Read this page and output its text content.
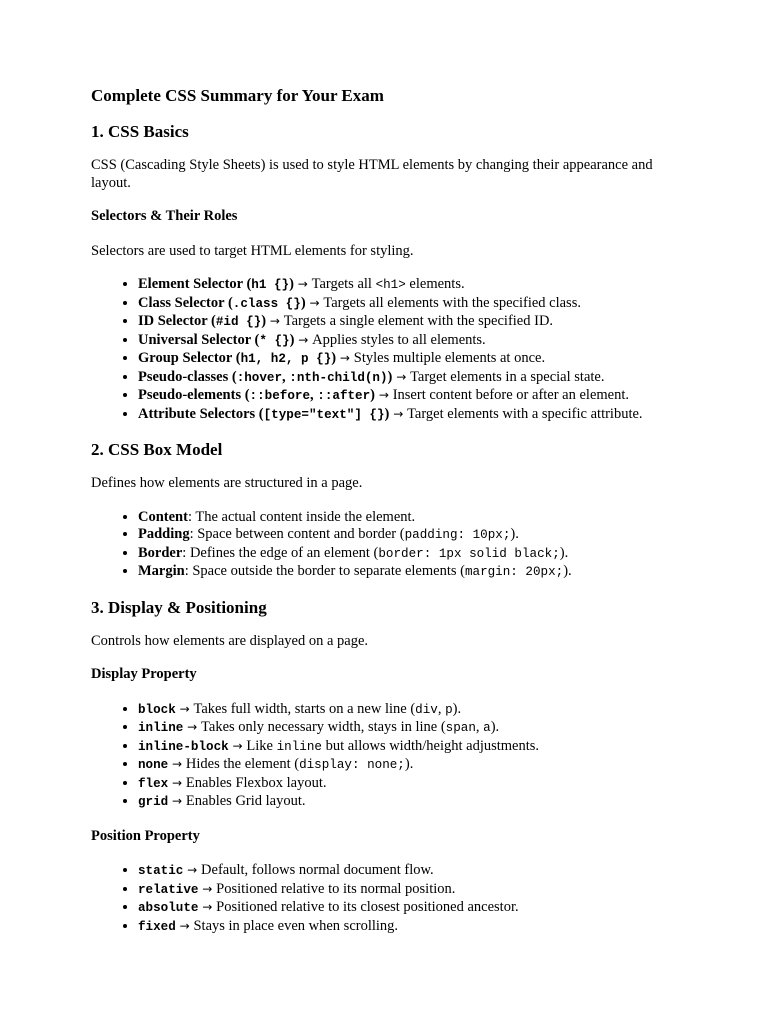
Complete CSS Summary for Your Exam
1. CSS Basics

CSS (Cascading Style Sheets) is used to style HTML elements by changing their appearance and layout.

Selectors & Their Roles

Selectors are used to target HTML elements for styling.

• Element Selector (h1 {}) → Targets all <h1> elements.
• Class Selector (.class {}) → Targets all elements with the specified class.
• ID Selector (#id {}) → Targets a single element with the specified ID.
• Universal Selector (* {}) → Applies styles to all elements.
• Group Selector (h1, h2, p {}) → Styles multiple elements at once.
• Pseudo-classes (:hover, :nth-child(n)) → Target elements in a special state.
• Pseudo-elements (::before, ::after) → Insert content before or after an element.
• Attribute Selectors ([type="text"] {}) → Target elements with a specific attribute.
2. CSS Box Model

Defines how elements are structured in a page.

• Content: The actual content inside the element.
• Padding: Space between content and border (padding: 10px;).
• Border: Defines the edge of an element (border: 1px solid black;).
• Margin: Space outside the border to separate elements (margin: 20px;).
3. Display & Positioning

Controls how elements are displayed on a page.

Display Property
• block → Takes full width, starts on a new line (div, p).
• inline → Takes only necessary width, stays in line (span, a).
• inline-block → Like inline but allows width/height adjustments.
• none → Hides the element (display: none;).
• flex → Enables Flexbox layout.
• grid → Enables Grid layout.
Position Property
• static → Default, follows normal document flow.
• relative → Positioned relative to its normal position.
• absolute → Positioned relative to its closest positioned ancestor.
• fixed → Stays in place even when scrolling.
